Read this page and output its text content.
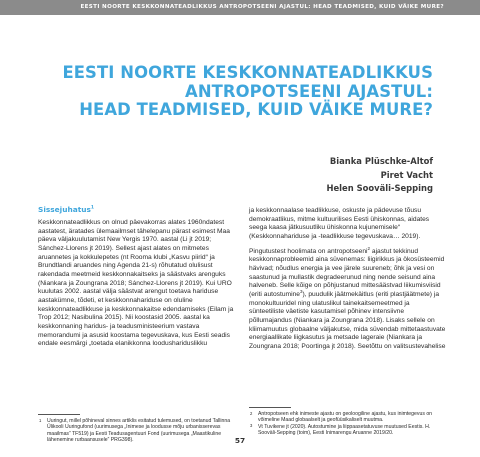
EESTI NOORTE KESKKONNATEADLIKKUS ANTROPOTSEENI AJASTUL: HEAD TEADMISED, KUID VÄIKE MURE?
EESTI NOORTE KESKKONNATEADLIKKUS
ANTROPOTSEENI AJASTUL:
HEAD TEADMISED, KUID VÄIKE MURE?
Bianka Plüschke-Altof
Piret Vacht
Helen Sooväli-Sepping
Sissejuhatus$^1$

Keskkonnateadlikkus on olnud päevakorras alates 1960ndatest aastatest, äratades ülemaailmset tähelepanu pärast esimest Maa päeva väljakuulutamist New Yergis 1970. aastal (Li jt 2019; Sánchez-Llorens jt 2019). Sellest ajast alates on mitmetes aruannetes ja kokkulepetes (nt Rooma klubi „Kasvu piirid“ ja Brundtlandi aruandes ning Agenda 21-s) rõhutatud olulisust rakendada meetmeid keskkonnakaitseks ja säästvaks arenguks (Niankara ja Zoungrana 2018; Sánchez-Llorens jt 2019). Kui URO kuulutas 2002. aastal välja säästvat arengut toetava hariduse aastakümne, tõdeti, et keskkonnahariduse on oluline keskkonnateadlikkuse ja keskkonnakaitse edendamiseks (Eilam ja Trop 2012; Nasibulina 2015). Nii koostasid 2005. aastal ka keskkonnaning haridus- ja teadusministeerium vastava memorandumi ja asusid koostama tegevuskava, kus Eesti seadis endale eesmärgi „toetada elanikkonna loodushariduslikku

1 Uuringut, millel põhineval sinnes artiklis esitatud tulemused, on toetanud Tallinna Ülikooli Uuringufond (uurimusega „Inimese ja loodusse mõju urbanisserevas maailmas“ TF519) ja Eesti Teadusagentuuri Fond (uurimusega „Maastikuline lähenemine rurbaansusele“ PRG398).

ja keskkonnaalase teadlikkuse, oskuste ja pädevuse tõusu demokraatlikus, mitme kultuurilises Eesti ühiskonnas, aidates seega kaasa jätkusuutliku ühiskonna kujunemisele“ (Keskkonnahariduse ja -teadlikkuse tegevuskava… 2019).

Pingutustest hoolimata on antropotseeni$^2$ ajastut tekkinud keskkonnaprobleemid aina süvenemas: liigirikkus ja ökosüsteemid hävivad; nõudlus energia ja vee järele suureneb; õhk ja vesi on saastunud ja mullastik degradeerunud ning nende seisund aina halveneb. Selle kõige on põhjustanud mittesäästvad liikumisviisid (eriti autostumine$^3$), puudulik jäätmekäitlus (eriti plastjäätmete) ja monokultuuridel ning ulatuslikul tainekaitsemeetmed ja sünteetiliste väetiste kasutamisel põhinev intensiivne põllumajandus (Niankara ja Zoungrana 2018). Lisaks sellele on kliimamuutus globaalne väljakutse, mida süvendab mittetaastuvate energiaallikate liigkasutus ja metsade lageraie (Niankara ja Zoungrana 2018; Poortinga jt 2018). Seetõttu on valitsustevahelise

2 Antropotseen ehk inimeste ajastu on geoloogiline ajastu, kus inimtegevus on võimeline Maad globaalselt ja geofüüsikaliselt muutma.
3 Vt Tuvikene jt (2020). Autostumine ja liippaasetatuvuse muutused Eestis. H. Sooväli-Sepping (toim), Eesti Inimarengu Aruanne 2019/20.
57
